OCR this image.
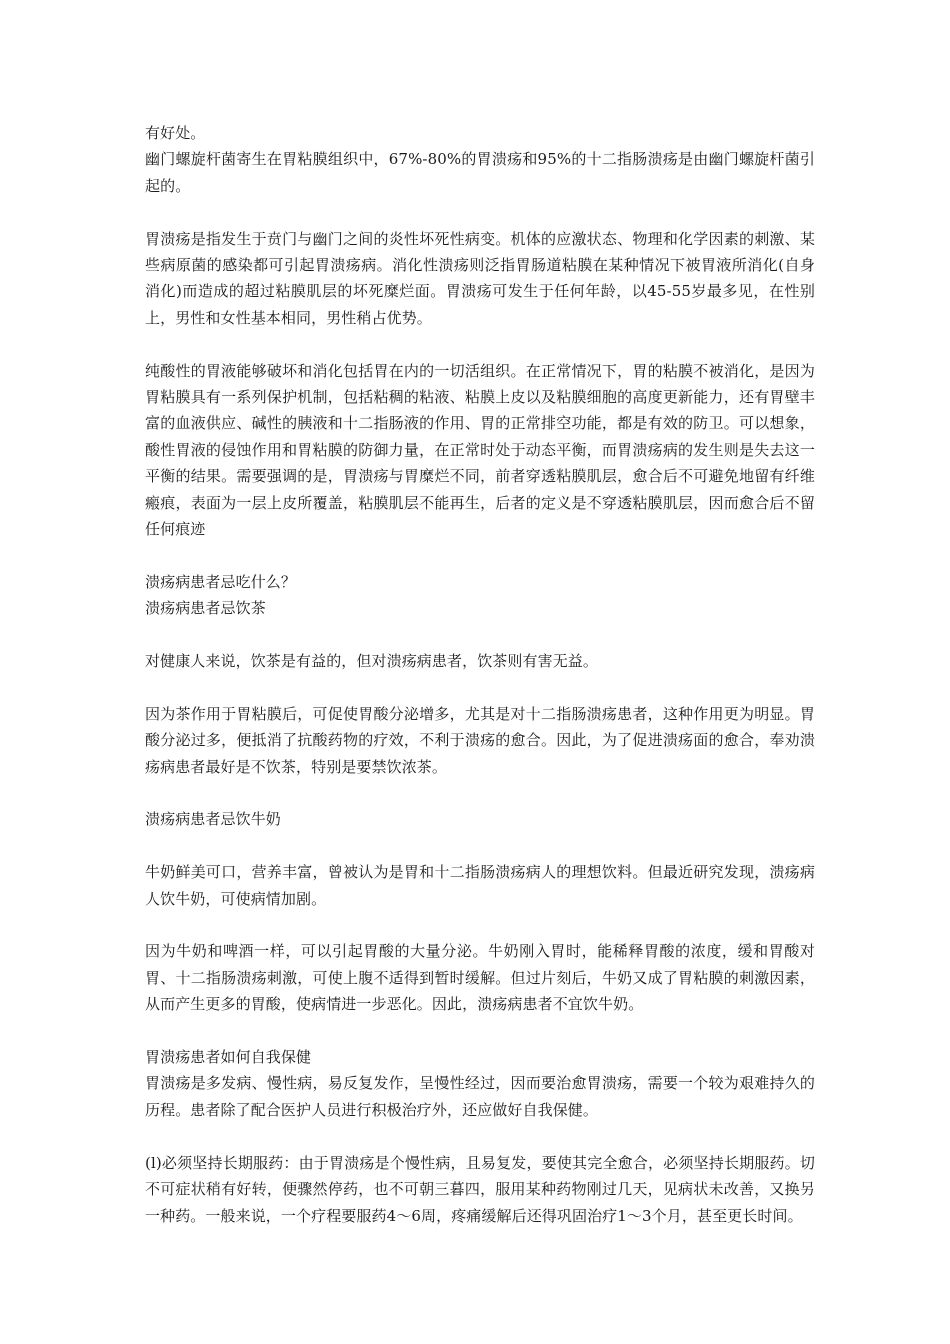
有好处。

幽门螺旋杆菌寄生在胃粘膜组织中，67%-80%的胃溃疡和95%的十二指肠溃疡是由幽门螺旋杆菌引起的。

胃溃疡是指发生于贲门与幽门之间的炎性坏死性病变。机体的应激状态、物理和化学因素的刺激、某些病原菌的感染都可引起胃溃疡病。消化性溃疡则泛指胃肠道粘膜在某种情况下被胃液所消化(自身消化)而造成的超过粘膜肌层的坏死糜烂面。胃溃疡可发生于任何年龄，以45-55岁最多见，在性别上，男性和女性基本相同，男性稍占优势。

纯酸性的胃液能够破坏和消化包括胃在内的一切活组织。在正常情况下，胃的粘膜不被消化，是因为胃粘膜具有一系列保护机制，包括粘稠的粘液、粘膜上皮以及粘膜细胞的高度更新能力，还有胃壁丰富的血液供应、碱性的胰液和十二指肠液的作用、胃的正常排空功能，都是有效的防卫。可以想象，酸性胃液的侵蚀作用和胃粘膜的防御力量，在正常时处于动态平衡，而胃溃疡病的发生则是失去这一平衡的结果。需要强调的是，胃溃疡与胃糜烂不同，前者穿透粘膜肌层，愈合后不可避免地留有纤维瘢痕，表面为一层上皮所覆盖，粘膜肌层不能再生，后者的定义是不穿透粘膜肌层，因而愈合后不留任何痕迹

溃疡病患者忌吃什么？

溃疡病患者忌饮茶

对健康人来说，饮茶是有益的，但对溃疡病患者，饮茶则有害无益。

因为茶作用于胃粘膜后，可促使胃酸分泌增多，尤其是对十二指肠溃疡患者，这种作用更为明显。胃酸分泌过多，便抵消了抗酸药物的疗效，不利于溃疡的愈合。因此，为了促进溃疡面的愈合，奉劝溃疡病患者最好是不饮茶，特别是要禁饮浓茶。

溃疡病患者忌饮牛奶

牛奶鲜美可口，营养丰富，曾被认为是胃和十二指肠溃疡病人的理想饮料。但最近研究发现，溃疡病人饮牛奶，可使病情加剧。

因为牛奶和啤酒一样，可以引起胃酸的大量分泌。牛奶刚入胃时，能稀释胃酸的浓度，缓和胃酸对胃、十二指肠溃疡刺激，可使上腹不适得到暂时缓解。但过片刻后，牛奶又成了胃粘膜的刺激因素，从而产生更多的胃酸，使病情进一步恶化。因此，溃疡病患者不宜饮牛奶。

胃溃疡患者如何自我保健

胃溃疡是多发病、慢性病，易反复发作，呈慢性经过，因而要治愈胃溃疡，需要一个较为艰难持久的历程。患者除了配合医护人员进行积极治疗外，还应做好自我保健。

(l)必须坚持长期服药：由于胃溃疡是个慢性病，且易复发，要使其完全愈合，必须坚持长期服药。切不可症状稍有好转，便骤然停药，也不可朝三暮四，服用某种药物刚过几天，见病状未改善，又换另一种药。一般来说，一个疗程要服药4～6周，疼痛缓解后还得巩固治疗1～3个月，甚至更长时间。
